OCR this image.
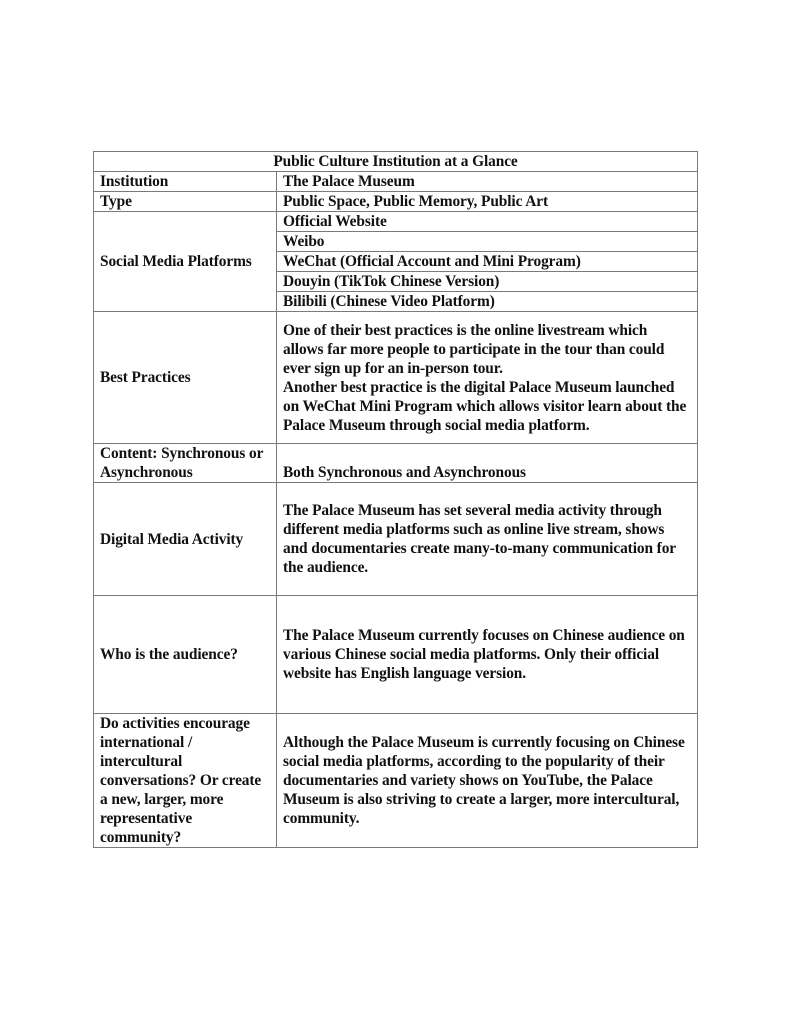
Public Culture Institution at a Glance	
Institution	The Palace Museum
Type	Public Space, Public Memory, Public Art
Social Media Platforms	Official Website
	Weibo
	WeChat (Official Account and Mini Program)
	Douyin (TikTok Chinese Version)
	Bilibili (Chinese Video Platform)
Best Practices	One of their best practices is the online livestream which allows far more people to participate in the tour than could ever sign up for an in-person tour.
Another best practice is the digital Palace Museum launched on WeChat Mini Program which allows visitor learn about the Palace Museum through social media platform.

Content: Synchronous or Asynchronous	Both Synchronous and Asynchronous
Digital Media Activity	The Palace Museum has set several media activity through different media platforms such as online live stream, shows and documentaries create many-to-many communication for the audience.
Who is the audience?	The Palace Museum currently focuses on Chinese audience on various Chinese social media platforms. Only their official website has English language version.
Do activities encourage international / intercultural conversations? Or create a new, larger, more representative community?	Although the Palace Museum is currently focusing on Chinese social media platforms, according to the popularity of their documentaries and variety shows on YouTube, the Palace Museum is also striving to create a larger, more intercultural, community.
